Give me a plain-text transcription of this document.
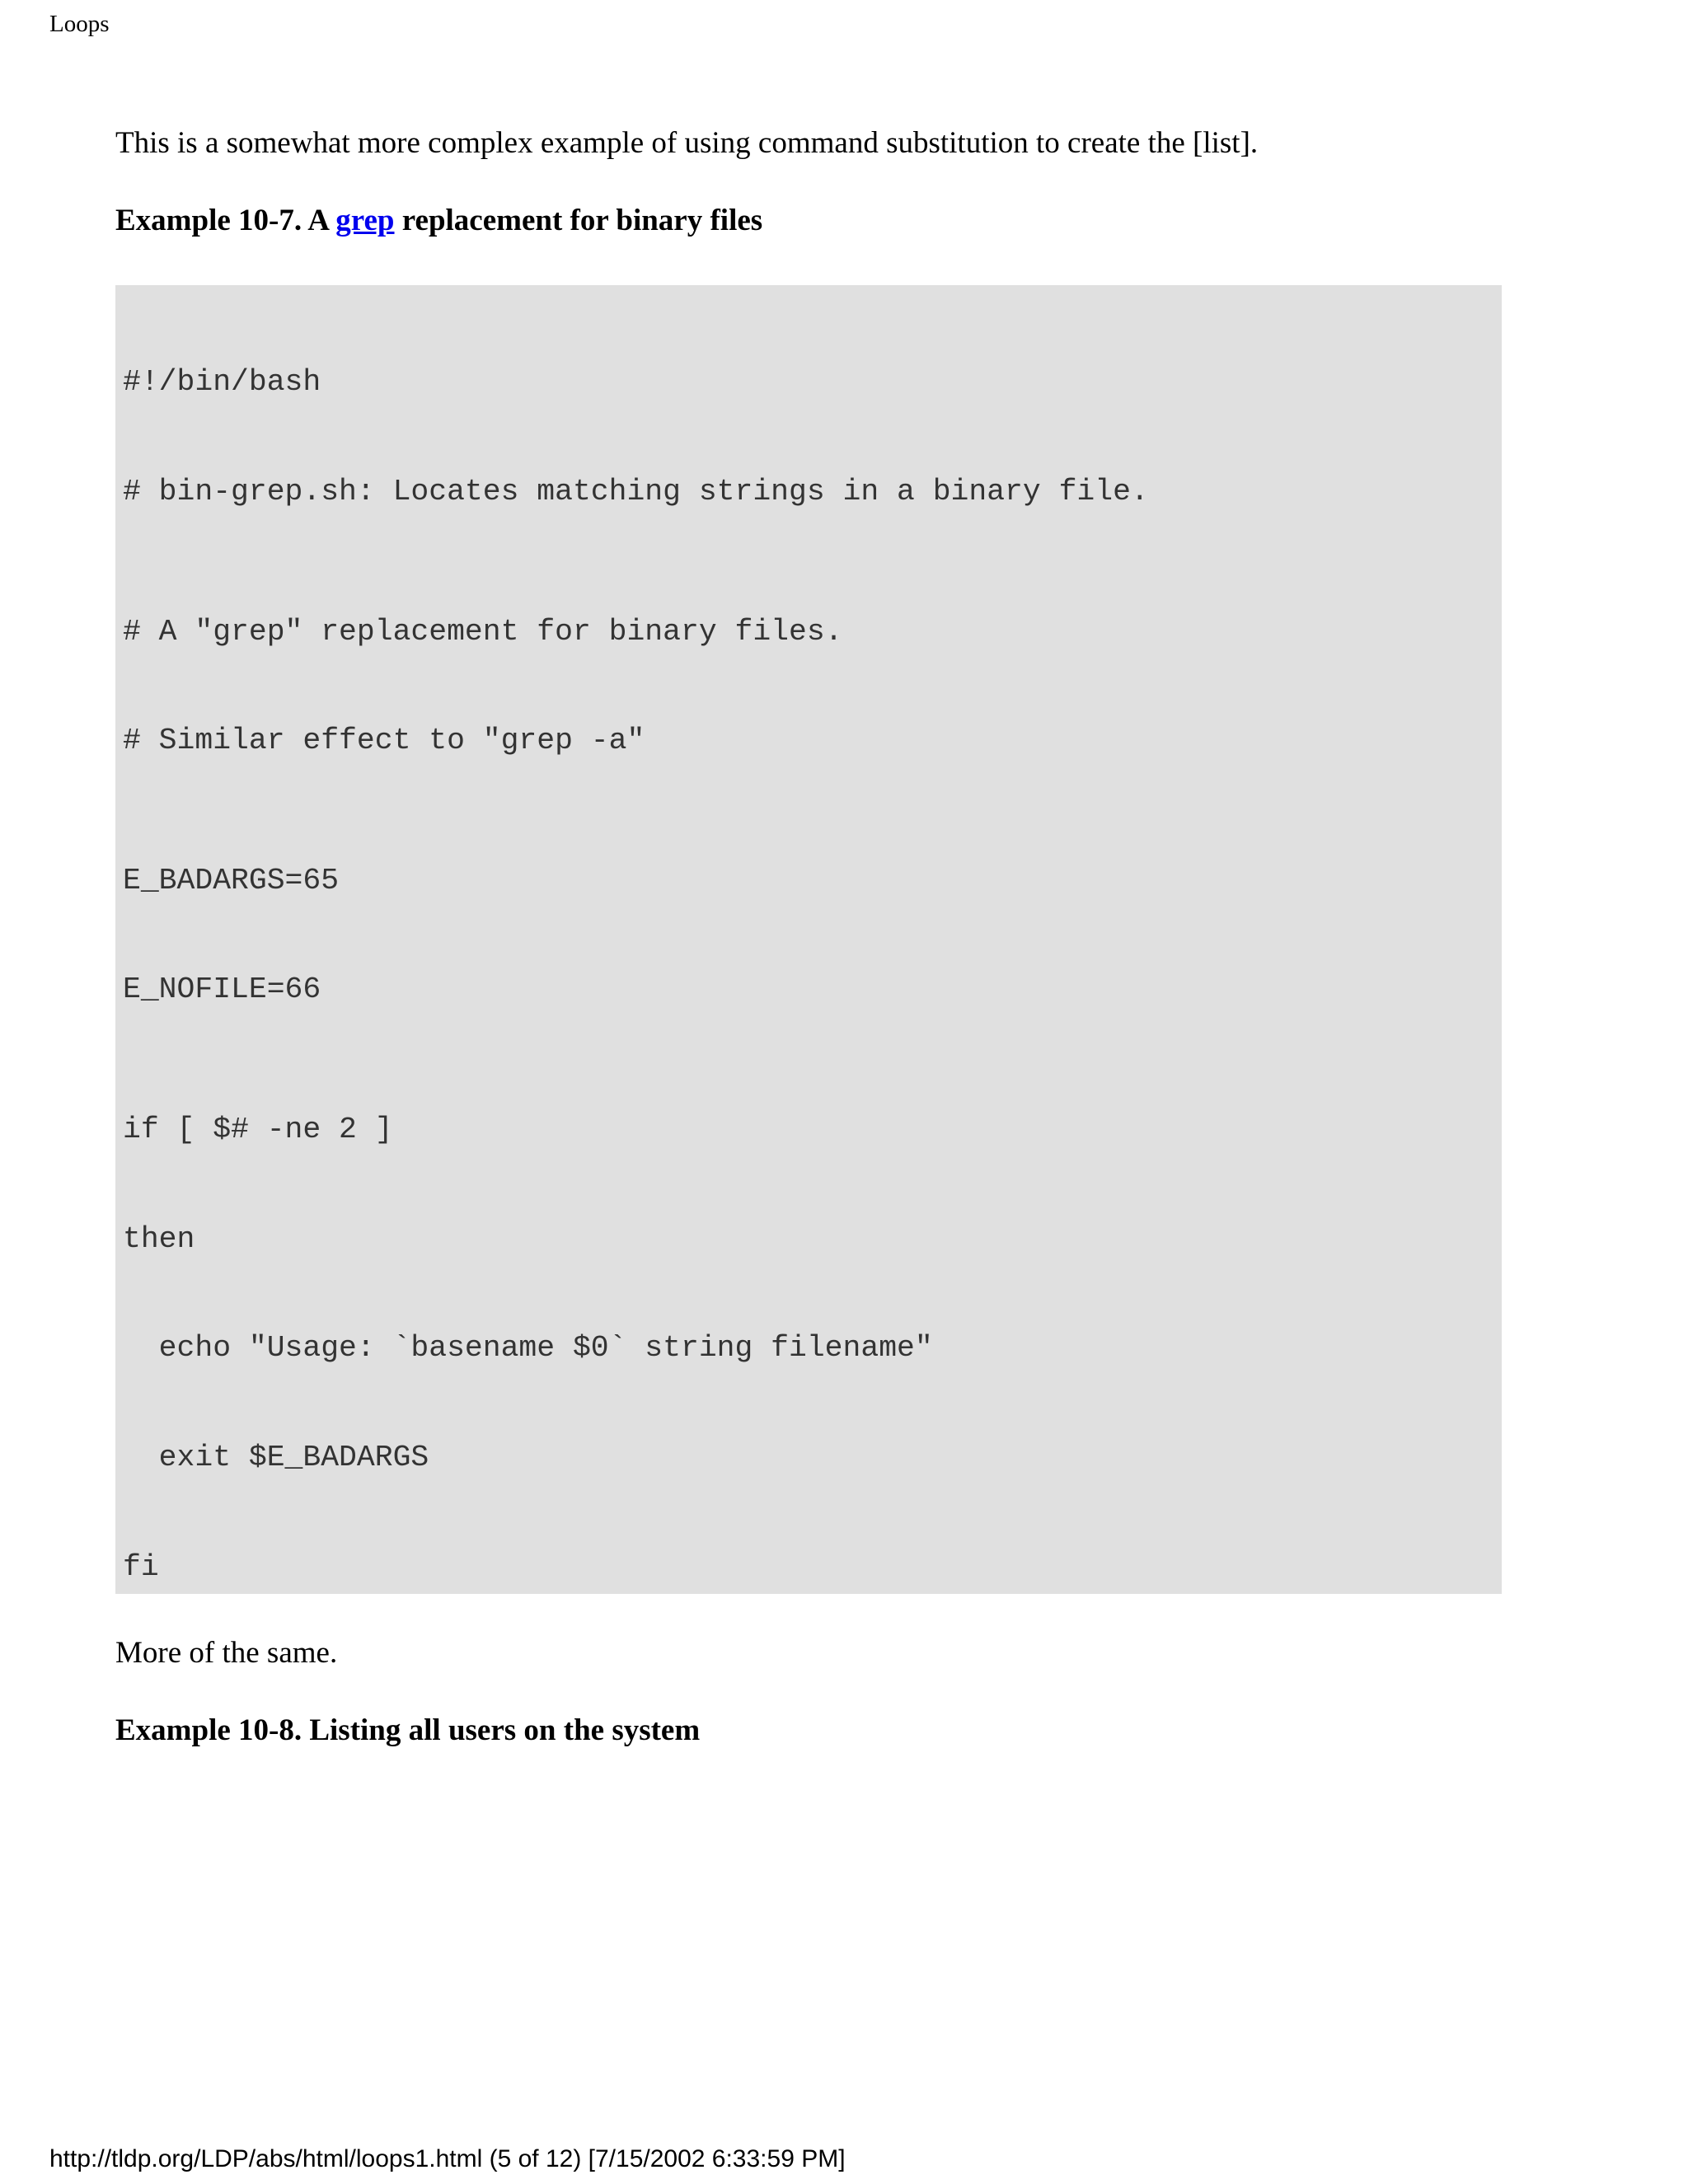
Loops

This is a somewhat more complex example of using command substitution to create the [list].

Example 10-7. A grep replacement for binary files

#!/bin/bash

# bin-grep.sh: Locates matching strings in a binary file.

# A "grep" replacement for binary files.

# Similar effect to "grep -a"

E_BADARGS=65

E_NOFILE=66

if [ $# -ne 2 ]

then

echo "Usage: `basename $0` string filename"

exit $E_BADARGS

fi

More of the same.

Example 10-8. Listing all users on the system

http://tldp.org/LDP/abs/html/loops1.html (5 of 12) [7/15/2002 6:33:59 PM]
